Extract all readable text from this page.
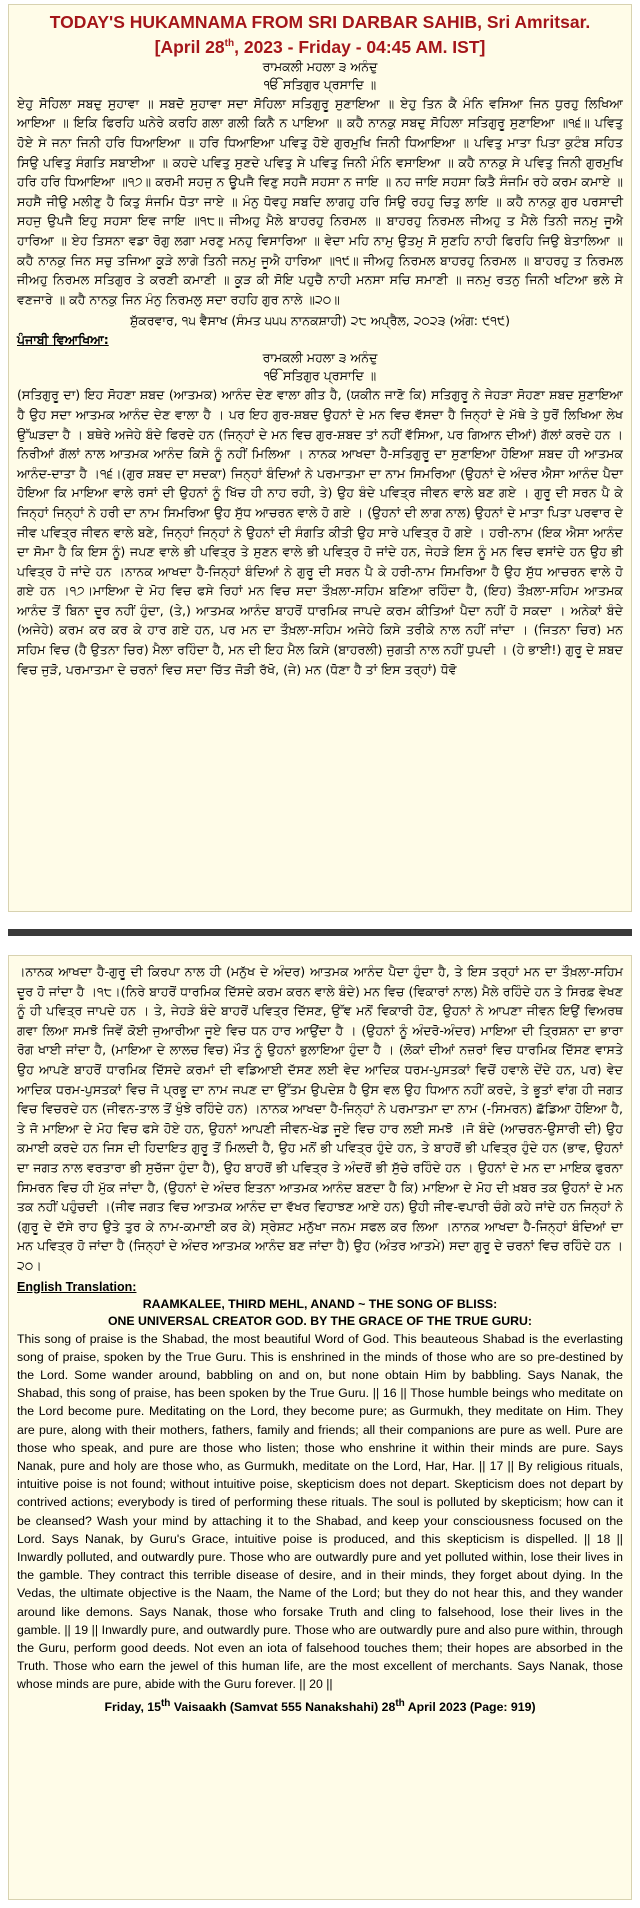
TODAY'S HUKAMNAMA FROM SRI DARBAR SAHIB, Sri Amritsar.
[April 28th, 2023 - Friday - 04:45 AM. IST]
ਰਾਮਕਲੀ ਮਹਲਾ ੩ ਅਨੰਦੁ
ੴ ਸਤਿਗੁਰ ਪ੍ਰਸਾਦਿ ॥

ਏਹੁ ਸੋਹਿਲਾ ਸਬਦੁ ਸੁਹਾਵਾ ॥ ਸਬਦੋ ਸੁਹਾਵਾ ਸਦਾ ਸੋਹਿਲਾ ਸਤਿਗੁਰੂ ਸੁਣਾਇਆ ॥ ਏਹੁ ਤਿਨ ਕੈ ਮੰਨਿ ਵਸਿਆ ਜਿਨ ਧੁਰਹੁ ਲਿਖਿਆ ਆਇਆ ॥ ਇਕਿ ਫਿਰਹਿ ਘਨੇਰੇ ਕਰਹਿ ਗਲਾ ਗਲੀ ਕਿਨੈ ਨ ਪਾਇਆ ॥ ਕਹੈ ਨਾਨਕੁ ਸਬਦੁ ਸੋਹਿਲਾ ਸਤਿਗੁਰੂ ਸੁਣਾਇਆ ॥੧੬॥ ਪਵਿਤੁ ਹੋਏ ਸੇ ਜਨਾ ਜਿਨੀ ਹਰਿ ਧਿਆਇਆ ॥ ਹਰਿ ਧਿਆਇਆ ਪਵਿਤੁ ਹੋਏ ਗੁਰਮੁਖਿ ਜਿਨੀ ਧਿਆਇਆ ॥ ਪਵਿਤੁ ਮਾਤਾ ਪਿਤਾ ਕੁਟੰਬ ਸਹਿਤ ਸਿਉ ਪਵਿਤੁ ਸੰਗਤਿ ਸਬਾਈਆ ॥ ਕਹਦੇ ਪਵਿਤੁ ਸੁਣਦੇ ਪਵਿਤੁ ਸੇ ਪਵਿਤੁ ਜਿਨੀ ਮੰਨਿ ਵਸਾਇਆ ॥ ਕਹੈ ਨਾਨਕੁ ਸੇ ਪਵਿਤੁ ਜਿਨੀ ਗੁਰਮੁਖਿ ਹਰਿ ਹਰਿ ਧਿਆਇਆ ॥੧੭॥ ਕਰਮੀ ਸਹਜੁ ਨ ਊਪਜੈ ਵਿਣੁ ਸਹਜੈ ਸਹਸਾ ਨ ਜਾਇ ॥ ਨਹ ਜਾਇ ਸਹਸਾ ਕਿਤੈ ਸੰਜਮਿ ਰਹੇ ਕਰਮ ਕਮਾਏ ॥ ਸਹਸੈ ਜੀਉ ਮਲੀਣੁ ਹੈ ਕਿਤੁ ਸੰਜਮਿ ਧੋਤਾ ਜਾਏ ॥ ਮੰਨੁ ਧੋਵਹੁ ਸਬਦਿ ਲਾਗਹੁ ਹਰਿ ਸਿਉ ਰਹਹੁ ਚਿਤੁ ਲਾਇ ॥ ਕਹੈ ਨਾਨਕੁ ਗੁਰ ਪਰਸਾਦੀ ਸਹਜੁ ਉਪਜੈ ਇਹੁ ਸਹਸਾ ਇਵ ਜਾਇ ॥੧੮॥ ਜੀਅਹੁ ਮੈਲੇ ਬਾਹਰਹੁ ਨਿਰਮਲ ॥ ਬਾਹਰਹੁ ਨਿਰਮਲ ਜੀਅਹੁ ਤ ਮੈਲੇ ਤਿਨੀ ਜਨਮੁ ਜੂਐ ਹਾਰਿਆ ॥ ਏਹ ਤਿਸਨਾ ਵਡਾ ਰੋਗੁ ਲਗਾ ਮਰਣੁ ਮਨਹੁ ਵਿਸਾਰਿਆ ॥ ਵੇਦਾ ਮਹਿ ਨਾਮੁ ਉਤਮੁ ਸੋ ਸੁਣਹਿ ਨਾਹੀ ਫਿਰਹਿ ਜਿਉ ਬੇਤਾਲਿਆ ॥ ਕਹੈ ਨਾਨਕੁ ਜਿਨ ਸਚੁ ਤਜਿਆ ਕੂੜੇ ਲਾਗੇ ਤਿਨੀ ਜਨਮੁ ਜੂਐ ਹਾਰਿਆ ॥੧੯॥ ਜੀਅਹੁ ਨਿਰਮਲ ਬਾਹਰਹੁ ਨਿਰਮਲ ॥ ਬਾਹਰਹੁ ਤ ਨਿਰਮਲ ਜੀਅਹੁ ਨਿਰਮਲ ਸਤਿਗੁਰ ਤੇ ਕਰਣੀ ਕਮਾਣੀ ॥ ਕੂੜ ਕੀ ਸੋਇ ਪਹੁਚੈ ਨਾਹੀ ਮਨਸਾ ਸਚਿ ਸਮਾਣੀ ॥ ਜਨਮੁ ਰਤਨੁ ਜਿਨੀ ਖਟਿਆ ਭਲੇ ਸੇ ਵਣਜਾਰੇ ॥ ਕਹੈ ਨਾਨਕੁ ਜਿਨ ਮੰਨੁ ਨਿਰਮਲੁ ਸਦਾ ਰਹਹਿ ਗੁਰ ਨਾਲੇ ॥੨੦॥

ਸ਼ੁੱਕਰਵਾਰ, ੧੫ ਵੈਸਾਖ (ਸੰਮਤ ੫੫੫ ਨਾਨਕਸ਼ਾਹੀ) ੨੮ ਅਪ੍ਰੈਲ, ੨੦੨੩ (ਅੰਗ: ੯੧੯)
ਪੰਜਾਬੀ ਵਿਆਖਿਆ:
ਰਾਮਕਲੀ ਮਹਲਾ ੩ ਅਨੰਦੁ
ੴ ਸਤਿਗੁਰ ਪ੍ਰਸਾਦਿ ॥

(ਸਤਿਗੁਰੂ ਦਾ) ਇਹ ਸੋਹਣਾ ਸ਼ਬਦ (ਆਤਮਕ) ਆਨੰਦ ਦੇਣ ਵਾਲਾ ਗੀਤ ਹੈ, (ਯਕੀਨ ਜਾਣੋ ਕਿ) ਸਤਿਗੁਰੂ ਨੇ ਜੇਹੜਾ ਸੋਹਣਾ ਸ਼ਬਦ ਸੁਣਾਇਆ ਹੈ ਉਹ ਸਦਾ ਆਤਮਕ ਆਨੰਦ ਦੇਣ ਵਾਲਾ ਹੈ । ਪਰ ਇਹ ਗੁਰ-ਸ਼ਬਦ ਉਹਨਾਂ ਦੇ ਮਨ ਵਿਚ ਵੱਸਦਾ ਹੈ ਜਿਨ੍ਹਾਂ ਦੇ ਮੱਥੇ ਤੇ ਧੁਰੋਂ ਲਿਖਿਆ ਲੇਖ ਉੱਘੜਦਾ ਹੈ । ਬਥੇਰੇ ਅਜੇਹੇ ਬੰਦੇ ਫਿਰਦੇ ਹਨ (ਜਿਨ੍ਹਾਂ ਦੇ ਮਨ ਵਿਚ ਗੁਰ-ਸ਼ਬਦ ਤਾਂ ਨਹੀਂ ਵੱਸਿਆ, ਪਰ ਗਿਆਨ ਦੀਆਂ) ਗੱਲਾਂ ਕਰਦੇ ਹਨ । ਨਿਰੀਆਂ ਗੱਲਾਂ ਨਾਲ ਆਤਮਕ ਆਨੰਦ ਕਿਸੇ ਨੂੰ ਨਹੀਂ ਮਿਲਿਆ । ਨਾਨਕ ਆਖਦਾ ਹੈ-ਸਤਿਗੁਰੂ ਦਾ ਸੁਣਾਇਆ ਹੋਇਆ ਸ਼ਬਦ ਹੀ ਆਤਮਕ ਆਨੰਦ-ਦਾਤਾ ਹੈ ।੧੬।(ਗੁਰ ਸ਼ਬਦ ਦਾ ਸਦਕਾ) ਜਿਨ੍ਹਾਂ ਬੰਦਿਆਂ ਨੇ ਪਰਮਾਤਮਾ ਦਾ ਨਾਮ ਸਿਮਰਿਆ (ਉਹਨਾਂ ਦੇ ਅੰਦਰ ਐਸਾ ਆਨੰਦ ਪੈਦਾ ਹੋਇਆ ਕਿ ਮਾਇਆ ਵਾਲੇ ਰਸਾਂ ਦੀ ਉਹਨਾਂ ਨੂੰ ਖਿੱਚ ਹੀ ਨਾਹ ਰਹੀ, ਤੇ) ਉਹ ਬੰਦੇ ਪਵਿਤ੍ਰ ਜੀਵਨ ਵਾਲੇ ਬਣ ਗਏ । ਗੁਰੂ ਦੀ ਸਰਨ ਪੈ ਕੇ ਜਿਨ੍ਹਾਂ ਜਿਨ੍ਹਾਂ ਨੇ ਹਰੀ ਦਾ ਨਾਮ ਸਿਮਰਿਆ ਉਹ ਸੁੱਧ ਆਚਰਨ ਵਾਲੇ ਹੋ ਗਏ । (ਉਹਨਾਂ ਦੀ ਲਾਗ ਨਾਲ) ਉਹਨਾਂ ਦੇ ਮਾਤਾ ਪਿਤਾ ਪਰਵਾਰ ਦੇ ਜੀਵ ਪਵਿਤ੍ਰ ਜੀਵਨ ਵਾਲੇ ਬਣੇ, ਜਿਨ੍ਹਾਂ ਜਿਨ੍ਹਾਂ ਨੇ ਉਹਨਾਂ ਦੀ ਸੰਗਤਿ ਕੀਤੀ ਉਹ ਸਾਰੇ ਪਵਿਤ੍ਰ ਹੋ ਗਏ । ਹਰੀ-ਨਾਮ (ਇਕ ਐਸਾ ਆਨੰਦ ਦਾ ਸੋਮਾ ਹੈ ਕਿ ਇਸ ਨੂੰ) ਜਪਣ ਵਾਲੇ ਭੀ ਪਵਿਤ੍ਰ ਤੇ ਸੁਣਨ ਵਾਲੇ ਭੀ ਪਵਿਤ੍ਰ ਹੋ ਜਾਂਦੇ ਹਨ, ਜੇਹੜੇ ਇਸ ਨੂੰ ਮਨ ਵਿਚ ਵਸਾਂਦੇ ਹਨ ਉਹ ਭੀ ਪਵਿਤ੍ਰ ਹੋ ਜਾਂਦੇ ਹਨ ।ਨਾਨਕ ਆਖਦਾ ਹੈ-ਜਿਨ੍ਹਾਂ ਬੰਦਿਆਂ ਨੇ ਗੁਰੂ ਦੀ ਸਰਨ ਪੈ ਕੇ ਹਰੀ-ਨਾਮ ਸਿਮਰਿਆ ਹੈ ਉਹ ਸੁੱਧ ਆਚਰਨ ਵਾਲੇ ਹੋ ਗਏ ਹਨ ।੧੭।ਮਾਇਆ ਦੇ ਮੋਹ ਵਿਚ ਫਸੇ ਰਿਹਾਂ ਮਨ ਵਿਚ ਸਦਾ ਤੌਖ਼ਲਾ-ਸਹਿਮ ਬਣਿਆ ਰਹਿੰਦਾ ਹੈ, (ਇਹ) ਤੌਖ਼ਲਾ-ਸਹਿਮ ਆਤਮਕ ਆਨੰਦ ਤੋਂ ਬਿਨਾ ਦੂਰ ਨਹੀਂ ਹੁੰਦਾ, (ਤੇ,) ਆਤਮਕ ਆਨੰਦ ਬਾਹਰੋਂ ਧਾਰਮਿਕ ਜਾਪਦੇ ਕਰਮ ਕੀਤਿਆਂ ਪੈਦਾ ਨਹੀਂ ਹੋ ਸਕਦਾ । ਅਨੇਕਾਂ ਬੰਦੇ (ਅਜੇਹੇ) ਕਰਮ ਕਰ ਕਰ ਕੇ ਹਾਰ ਗਏ ਹਨ, ਪਰ ਮਨ ਦਾ ਤੌਖ਼ਲਾ-ਸਹਿਮ ਅਜੇਹੇ ਕਿਸੇ ਤਰੀਕੇ ਨਾਲ ਨਹੀਂ ਜਾਂਦਾ । (ਜਿਤਨਾ ਚਿਰ) ਮਨ ਸਹਿਮ ਵਿਚ (ਹੈ ਉਤਨਾ ਚਿਰ) ਮੈਲਾ ਰਹਿੰਦਾ ਹੈ, ਮਨ ਦੀ ਇਹ ਮੈਲ ਕਿਸੇ (ਬਾਹਰਲੀ) ਜੁਗਤੀ ਨਾਲ ਨਹੀਂ ਧੁਪਦੀ । (ਹੇ ਭਾਈ!) ਗੁਰੂ ਦੇ ਸ਼ਬਦ ਵਿਚ ਜੁੜੋ, ਪਰਮਾਤਮਾ ਦੇ ਚਰਨਾਂ ਵਿਚ ਸਦਾ ਚਿੱਤ ਜੋੜੀ ਰੱਖੋ, (ਜੇ) ਮਨ (ਧੋਣਾ ਹੈ ਤਾਂ ਇਸ ਤਰ੍ਹਾਂ) ਧੋਵੋ

।ਨਾਨਕ ਆਖਦਾ ਹੈ-ਗੁਰੂ ਦੀ ਕਿਰਪਾ ਨਾਲ ਹੀ (ਮਨੁੱਖ ਦੇ ਅੰਦਰ) ਆਤਮਕ ਆਨੰਦ ਪੈਦਾ ਹੁੰਦਾ ਹੈ, ਤੇ ਇਸ ਤਰ੍ਹਾਂ ਮਨ ਦਾ ਤੌਖ਼ਲਾ-ਸਹਿਮ ਦੂਰ ਹੋ ਜਾਂਦਾ ਹੈ ।੧੮।(ਨਿਰੇ ਬਾਹਰੋਂ ਧਾਰਮਿਕ ਦਿੱਸਦੇ ਕਰਮ ਕਰਨ ਵਾਲੇ ਬੰਦੇ) ਮਨ ਵਿਚ (ਵਿਕਾਰਾਂ ਨਾਲ) ਮੈਲੇ ਰਹਿੰਦੇ ਹਨ ਤੇ ਸਿਰਫ਼ ਵੇਖਣ ਨੂੰ ਹੀ ਪਵਿਤ੍ਰ ਜਾਪਦੇ ਹਨ । ਤੇ, ਜੇਹੜੇ ਬੰਦੇ ਬਾਹਰੋਂ ਪਵਿਤ੍ਰ ਦਿੱਸਣ, ਉੱਞ ਮਨੋਂ ਵਿਕਾਰੀ ਹੋਣ, ਉਹਨਾਂ ਨੇ ਆਪਣਾ ਜੀਵਨ ਇਉਂ ਵਿਅਰਥ ਗਵਾ ਲਿਆ ਸਮਝੋ ਜਿਵੇਂ ਕੋਈ ਜੁਆਰੀਆ ਜੂਏ ਵਿਚ ਧਨ ਹਾਰ ਆਉਂਦਾ ਹੈ । (ਉਹਨਾਂ ਨੂੰ ਅੰਦਰੋ-ਅੰਦਰ) ਮਾਇਆ ਦੀ ਤ੍ਰਿਸ਼ਨਾ ਦਾ ਭਾਰਾ ਰੋਗ ਖਾਈ ਜਾਂਦਾ ਹੈ, (ਮਾਇਆ ਦੇ ਲਾਲਚ ਵਿਚ) ਮੌਤ ਨੂੰ ਉਹਨਾਂ ਭੁਲਾਇਆ ਹੁੰਦਾ ਹੈ । (ਲੋਕਾਂ ਦੀਆਂ ਨਜ਼ਰਾਂ ਵਿਚ ਧਾਰਮਿਕ ਦਿੱਸਣ ਵਾਸਤੇ ਉਹ ਆਪਣੇ ਬਾਹਰੋਂ ਧਾਰਮਿਕ ਦਿੱਸਦੇ ਕਰਮਾਂ ਦੀ ਵਡਿਆਈ ਦੱਸਣ ਲਈ ਵੇਦ ਆਦਿਕ ਧਰਮ-ਪੁਸਤਕਾਂ ਵਿਚੋਂ ਹਵਾਲੇ ਦੇਂਦੇ ਹਨ, ਪਰ) ਵੇਦ ਆਦਿਕ ਧਰਮ-ਪੁਸਤਕਾਂ ਵਿਚ ਜੋ ਪ੍ਰਭੂ ਦਾ ਨਾਮ ਜਪਣ ਦਾ ਉੱਤਮ ਉਪਦੇਸ਼ ਹੈ ਉਸ ਵਲ ਉਹ ਧਿਆਨ ਨਹੀਂ ਕਰਦੇ, ਤੇ ਭੂਤਾਂ ਵਾਂਗ ਹੀ ਜਗਤ ਵਿਚ ਵਿਚਰਦੇ ਹਨ (ਜੀਵਨ-ਤਾਲ ਤੋਂ ਖੁੰਝੇ ਰਹਿੰਦੇ ਹਨ) ।ਨਾਨਕ ਆਖਦਾ ਹੈ-ਜਿਨ੍ਹਾਂ ਨੇ ਪਰਮਾਤਮਾ ਦਾ ਨਾਮ (-ਸਿਮਰਨ) ਛੱਡਿਆ ਹੋਇਆ ਹੈ, ਤੇ ਜੋ ਮਾਇਆ ਦੇ ਮੋਹ ਵਿਚ ਫਸੇ ਹੋਏ ਹਨ, ਉਹਨਾਂ ਆਪਣੀ ਜੀਵਨ-ਖੇਡ ਜੂਏ ਵਿਚ ਹਾਰ ਲਈ ਸਮਝੋ ।ਜੋ ਬੰਦੇ (ਆਚਰਨ-ਉਸਾਰੀ ਦੀ) ਉਹ ਕਮਾਈ ਕਰਦੇ ਹਨ ਜਿਸ ਦੀ ਹਿਦਾਇਤ ਗੁਰੂ ਤੋਂ ਮਿਲਦੀ ਹੈ, ਉਹ ਮਨੋਂ ਭੀ ਪਵਿਤ੍ਰ ਹੁੰਦੇ ਹਨ, ਤੇ ਬਾਹਰੋਂ ਭੀ ਪਵਿਤ੍ਰ ਹੁੰਦੇ ਹਨ (ਭਾਵ, ਉਹਨਾਂ ਦਾ ਜਗਤ ਨਾਲ ਵਰਤਾਰਾ ਭੀ ਸੁਚੱਜਾ ਹੁੰਦਾ ਹੈ), ਉਹ ਬਾਹਰੋਂ ਭੀ ਪਵਿਤ੍ਰ ਤੇ ਅੰਦਰੋਂ ਭੀ ਸੁੱਚੇ ਰਹਿੰਦੇ ਹਨ । ਉਹਨਾਂ ਦੇ ਮਨ ਦਾ ਮਾਇਕ ਫੁਰਨਾ ਸਿਮਰਨ ਵਿਚ ਹੀ ਮੁੱਕ ਜਾਂਦਾ ਹੈ, (ਉਹਨਾਂ ਦੇ ਅੰਦਰ ਇਤਨਾ ਆਤਮਕ ਆਨੰਦ ਬਣਦਾ ਹੈ ਕਿ) ਮਾਇਆ ਦੇ ਮੋਹ ਦੀ ਖ਼ਬਰ ਤਕ ਉਹਨਾਂ ਦੇ ਮਨ ਤਕ ਨਹੀਂ ਪਹੁੰਚਦੀ ।(ਜੀਵ ਜਗਤ ਵਿਚ ਆਤਮਕ ਆਨੰਦ ਦਾ ਵੱਖਰ ਵਿਹਾਝਣ ਆਏ ਹਨ) ਉਹੀ ਜੀਵ-ਵਪਾਰੀ ਚੰਗੇ ਕਹੇ ਜਾਂਦੇ ਹਨ ਜਿਨ੍ਹਾਂ ਨੇ (ਗੁਰੂ ਦੇ ਦੱਸੇ ਰਾਹ ਉਤੇ ਤੁਰ ਕੇ ਨਾਮ-ਕਮਾਈ ਕਰ ਕੇ) ਸ੍ਰੇਸ਼ਟ ਮਨੁੱਖਾ ਜਨਮ ਸਫਲ ਕਰ ਲਿਆ ।ਨਾਨਕ ਆਖਦਾ ਹੈ-ਜਿਨ੍ਹਾਂ ਬੰਦਿਆਂ ਦਾ ਮਨ ਪਵਿਤ੍ਰ ਹੋ ਜਾਂਦਾ ਹੈ (ਜਿਨ੍ਹਾਂ ਦੇ ਅੰਦਰ ਆਤਮਕ ਆਨੰਦ ਬਣ ਜਾਂਦਾ ਹੈ) ਉਹ (ਅੰਤਰ ਆਤਮੇ) ਸਦਾ ਗੁਰੂ ਦੇ ਚਰਨਾਂ ਵਿਚ ਰਹਿੰਦੇ ਹਨ ।੨੦।

English Translation:
RAAMKALEE, THIRD MEHL, ANAND ~ THE SONG OF BLISS:
ONE UNIVERSAL CREATOR GOD. BY THE GRACE OF THE TRUE GURU:

This song of praise is the Shabad, the most beautiful Word of God. This beauteous Shabad is the everlasting song of praise, spoken by the True Guru. This is enshrined in the minds of those who are so pre-destined by the Lord. Some wander around, babbling on and on, but none obtain Him by babbling. Says Nanak, the Shabad, this song of praise, has been spoken by the True Guru. || 16 || Those humble beings who meditate on the Lord become pure. Meditating on the Lord, they become pure; as Gurmukh, they meditate on Him. They are pure, along with their mothers, fathers, family and friends; all their companions are pure as well. Pure are those who speak, and pure are those who listen; those who enshrine it within their minds are pure. Says Nanak, pure and holy are those who, as Gurmukh, meditate on the Lord, Har, Har. || 17 || By religious rituals, intuitive poise is not found; without intuitive poise, skepticism does not depart. Skepticism does not depart by contrived actions; everybody is tired of performing these rituals. The soul is polluted by skepticism; how can it be cleansed? Wash your mind by attaching it to the Shabad, and keep your consciousness focused on the Lord. Says Nanak, by Guru's Grace, intuitive poise is produced, and this skepticism is dispelled. || 18 || Inwardly polluted, and outwardly pure. Those who are outwardly pure and yet polluted within, lose their lives in the gamble. They contract this terrible disease of desire, and in their minds, they forget about dying. In the Vedas, the ultimate objective is the Naam, the Name of the Lord; but they do not hear this, and they wander around like demons. Says Nanak, those who forsake Truth and cling to falsehood, lose their lives in the gamble. || 19 || Inwardly pure, and outwardly pure. Those who are outwardly pure and also pure within, through the Guru, perform good deeds. Not even an iota of falsehood touches them; their hopes are absorbed in the Truth. Those who earn the jewel of this human life, are the most excellent of merchants. Says Nanak, those whose minds are pure, abide with the Guru forever. || 20 ||

Friday, 15th Vaisaakh (Samvat 555 Nanakshahi) 28th April 2023 (Page: 919)
